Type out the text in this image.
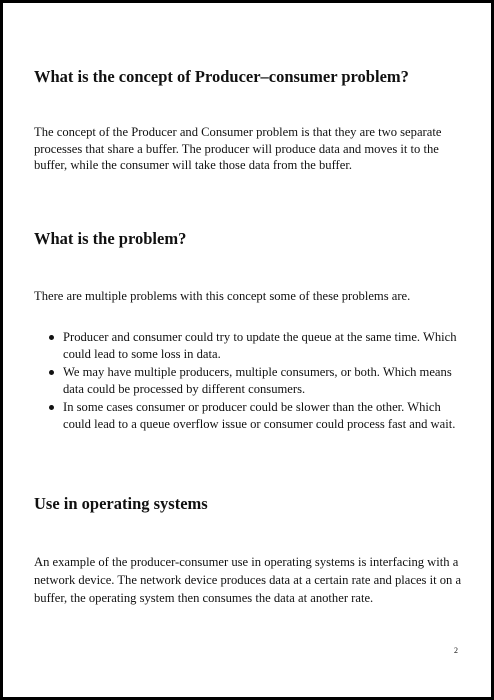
What is the concept of Producer–consumer problem?

The concept of the Producer and Consumer problem is that they are two separate processes that share a buffer. The producer will produce data and moves it to the buffer, while the consumer will take those data from the buffer.

What is the problem?

There are multiple problems with this concept some of these problems are.

Producer and consumer could try to update the queue at the same time. Which could lead to some loss in data.
We may have multiple producers, multiple consumers, or both. Which means data could be processed by different consumers.
In some cases consumer or producer could be slower than the other. Which could lead to a queue overflow issue or consumer could process fast and wait.
Use in operating systems

An example of the producer-consumer use in operating systems is interfacing with a network device. The network device produces data at a certain rate and places it on a buffer, the operating system then consumes the data at another rate.

2
